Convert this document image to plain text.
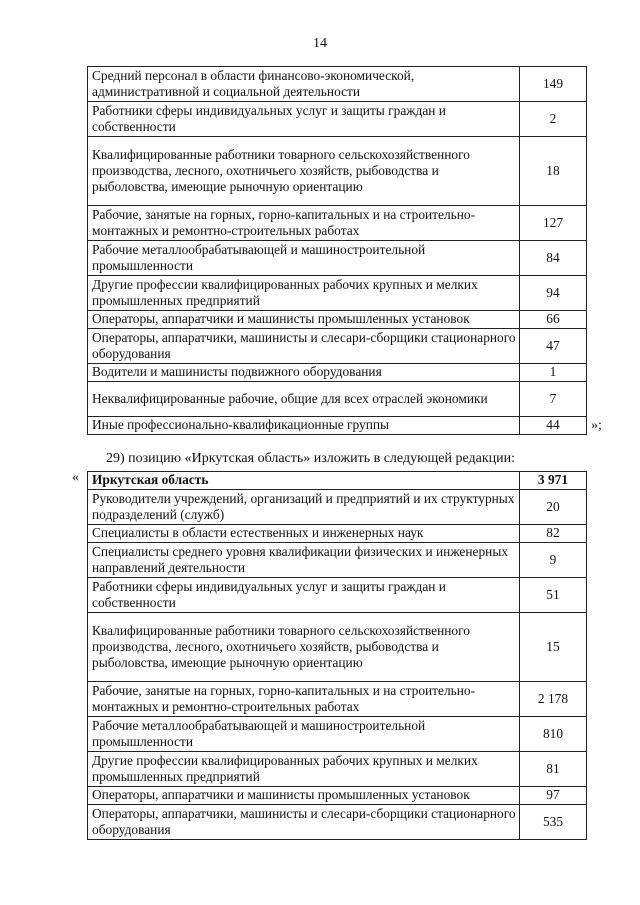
14
Средний персонал в области финансово-экономической, административной и социальной деятельности	149
Работники сферы индивидуальных услуг и защиты граждан и собственности	2
Квалифицированные работники товарного сельскохозяйственного производства, лесного, охотничьего хозяйств, рыбоводства и рыболовства, имеющие рыночную ориентацию	18
Рабочие, занятые на горных, горно-капитальных и на строительно-монтажных и ремонтно-строительных работах	127
Рабочие металлообрабатывающей и машиностроительной промышленности	84
Другие профессии квалифицированных рабочих крупных и мелких промышленных предприятий	94
Операторы, аппаратчики и машинисты промышленных установок	66
Операторы, аппаратчики, машинисты и слесари-сборщики стационарного оборудования	47
Водители и машинисты подвижного оборудования	1
Неквалифицированные рабочие, общие для всех отраслей экономики	7
Иные профессионально-квалификационные группы	44 »;
29) позицию «Иркутская область» изложить в следующей редакции:
« Иркутская область	3 971
Руководители учреждений, организаций и предприятий и их структурных подразделений (служб)	20
Специалисты в области естественных и инженерных наук	82
Специалисты среднего уровня квалификации физических и инженерных направлений деятельности	9
Работники сферы индивидуальных услуг и защиты граждан и собственности	51
Квалифицированные работники товарного сельскохозяйственного производства, лесного, охотничьего хозяйств, рыбоводства и рыболовства, имеющие рыночную ориентацию	15
Рабочие, занятые на горных, горно-капитальных и на строительно-монтажных и ремонтно-строительных работах	2 178
Рабочие металлообрабатывающей и машиностроительной промышленности	810
Другие профессии квалифицированных рабочих крупных и мелких промышленных предприятий	81
Операторы, аппаратчики и машинисты промышленных установок	97
Операторы, аппаратчики, машинисты и слесари-сборщики стационарного оборудования	535
